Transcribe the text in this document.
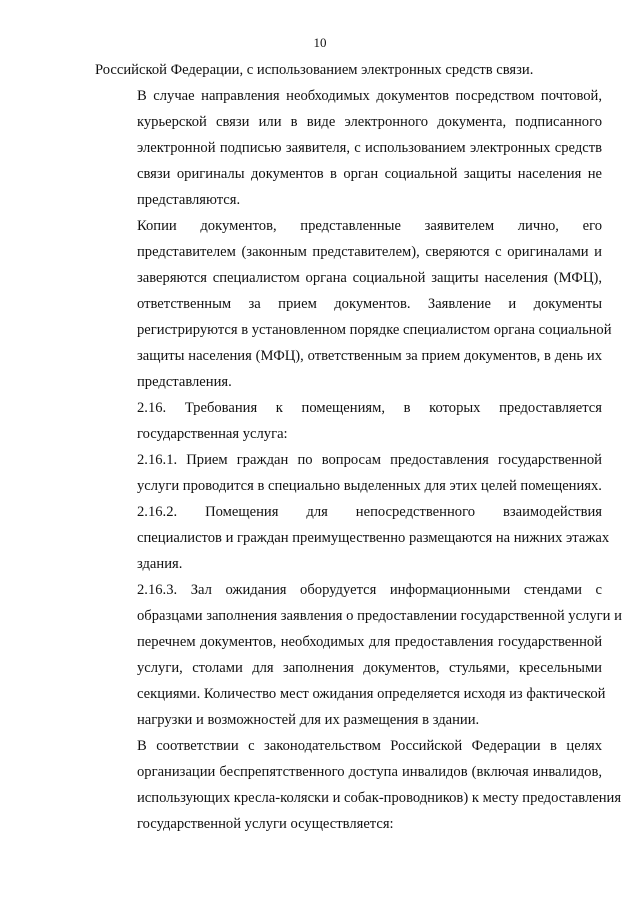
10

Российской Федерации, с использованием электронных средств связи.

В случае направления необходимых документов посредством почтовой,
курьерской связи или в виде электронного документа, подписанного
электронной подписью заявителя, с использованием электронных средств
связи оригиналы документов в орган социальной защиты населения не
представляются.

Копии документов, представленные заявителем лично, его
представителем (законным представителем), сверяются с оригиналами и
заверяются специалистом органа социальной защиты населения (МФЦ),
ответственным за прием документов. Заявление и документы
регистрируются в установленном порядке специалистом органа социальной
защиты населения (МФЦ), ответственным за прием документов, в день их
представления.

2.16. Требования к помещениям, в которых предоставляется
государственная услуга:

2.16.1. Прием граждан по вопросам предоставления государственной
услуги проводится в специально выделенных для этих целей помещениях.

2.16.2. Помещения для непосредственного взаимодействия
специалистов и граждан преимущественно размещаются на нижних этажах
здания.

2.16.3. Зал ожидания оборудуется информационными стендами с
образцами заполнения заявления о предоставлении государственной услуги и
перечнем документов, необходимых для предоставления государственной
услуги, столами для заполнения документов, стульями, кресельными
секциями. Количество мест ожидания определяется исходя из фактической
нагрузки и возможностей для их размещения в здании.

В соответствии с законодательством Российской Федерации в целях
организации беспрепятственного доступа инвалидов (включая инвалидов,
использующих кресла-коляски и собак-проводников) к месту предоставления
государственной услуги осуществляется:
